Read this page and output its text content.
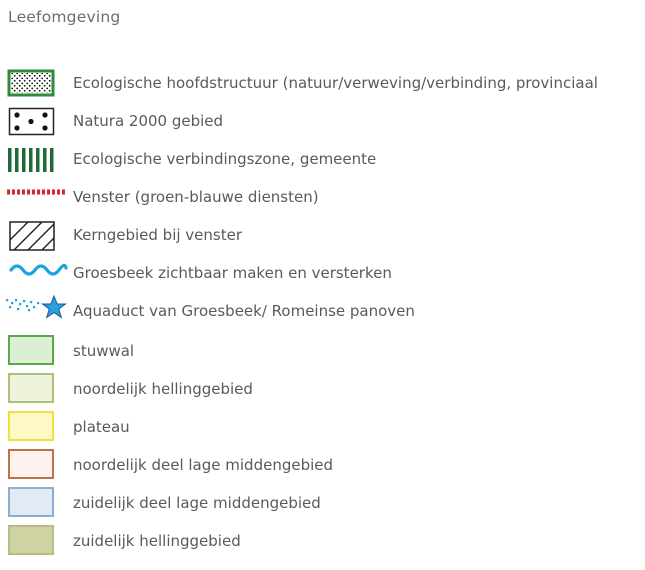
Leefomgeving
Ecologische hoofdstructuur (natuur/verweving/verbinding, provinciaal
Natura 2000 gebied
Ecologische verbindingszone, gemeente
Venster (groen-blauwe diensten)
Kerngebied bij venster
Groesbeek zichtbaar maken en versterken
Aquaduct van Groesbeek/ Romeinse panoven
stuwwal
noordelijk hellinggebied
plateau
noordelijk deel lage middengebied
zuidelijk deel lage middengebied
zuidelijk hellinggebied
